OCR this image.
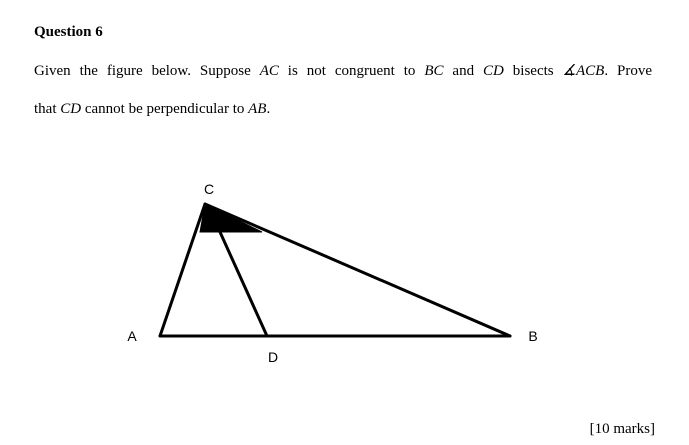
Question 6

Given the figure below. Suppose AC is not congruent to BC and CD bisects ∡ACB. Prove

that CD cannot be perpendicular to AB.

C
A	B
D
[10 marks]
